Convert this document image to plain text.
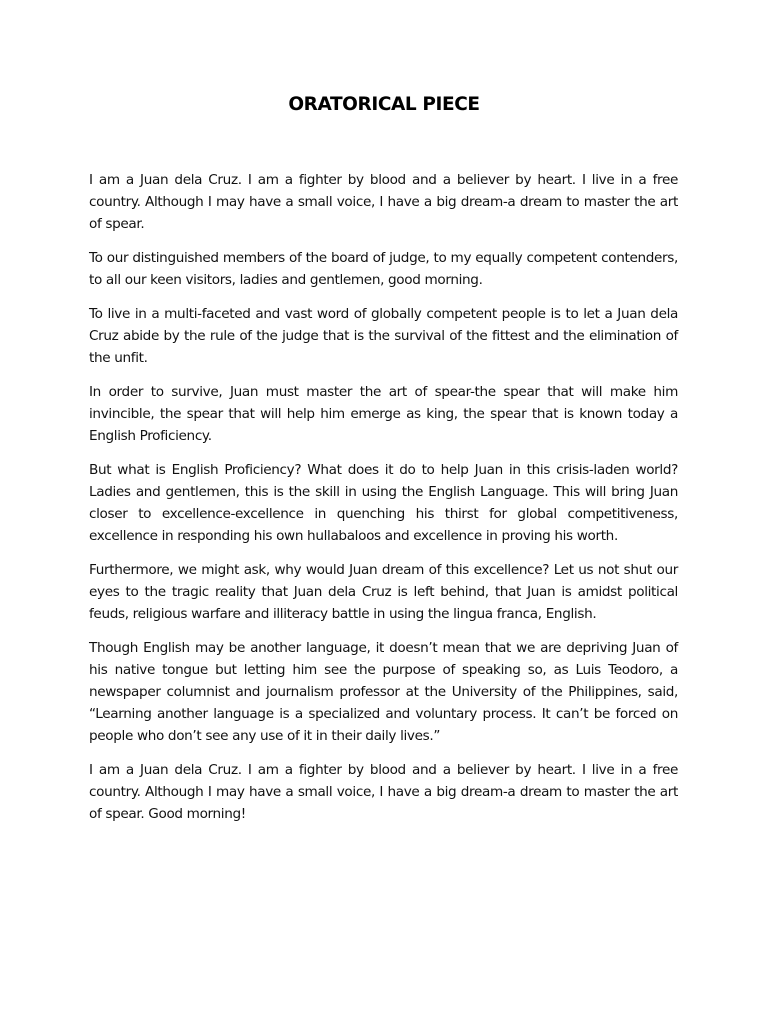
ORATORICAL PIECE

I am a Juan dela Cruz. I am a fighter by blood and a believer by heart. I live in a free country. Although I may have a small voice, I have a big dream-a dream to master the art of spear.

To our distinguished members of the board of judge, to my equally competent contenders, to all our keen visitors, ladies and gentlemen, good morning.

To live in a multi-faceted and vast word of globally competent people is to let a Juan dela Cruz abide by the rule of the judge that is the survival of the fittest and the elimination of the unfit.

In order to survive, Juan must master the art of spear-the spear that will make him invincible, the spear that will help him emerge as king, the spear that is known today a English Proficiency.

But what is English Proficiency? What does it do to help Juan in this crisis-laden world? Ladies and gentlemen, this is the skill in using the English Language. This will bring Juan closer to excellence-excellence in quenching his thirst for global competitiveness, excellence in responding his own hullabaloos and excellence in proving his worth.

Furthermore, we might ask, why would Juan dream of this excellence? Let us not shut our eyes to the tragic reality that Juan dela Cruz is left behind, that Juan is amidst political feuds, religious warfare and illiteracy battle in using the lingua franca, English.

Though English may be another language, it doesn’t mean that we are depriving Juan of his native tongue but letting him see the purpose of speaking so, as Luis Teodoro, a newspaper columnist and journalism professor at the University of the Philippines, said, “Learning another language is a specialized and voluntary process. It can’t be forced on people who don’t see any use of it in their daily lives.”

I am a Juan dela Cruz. I am a fighter by blood and a believer by heart. I live in a free country. Although I may have a small voice, I have a big dream-a dream to master the art of spear. Good morning!
